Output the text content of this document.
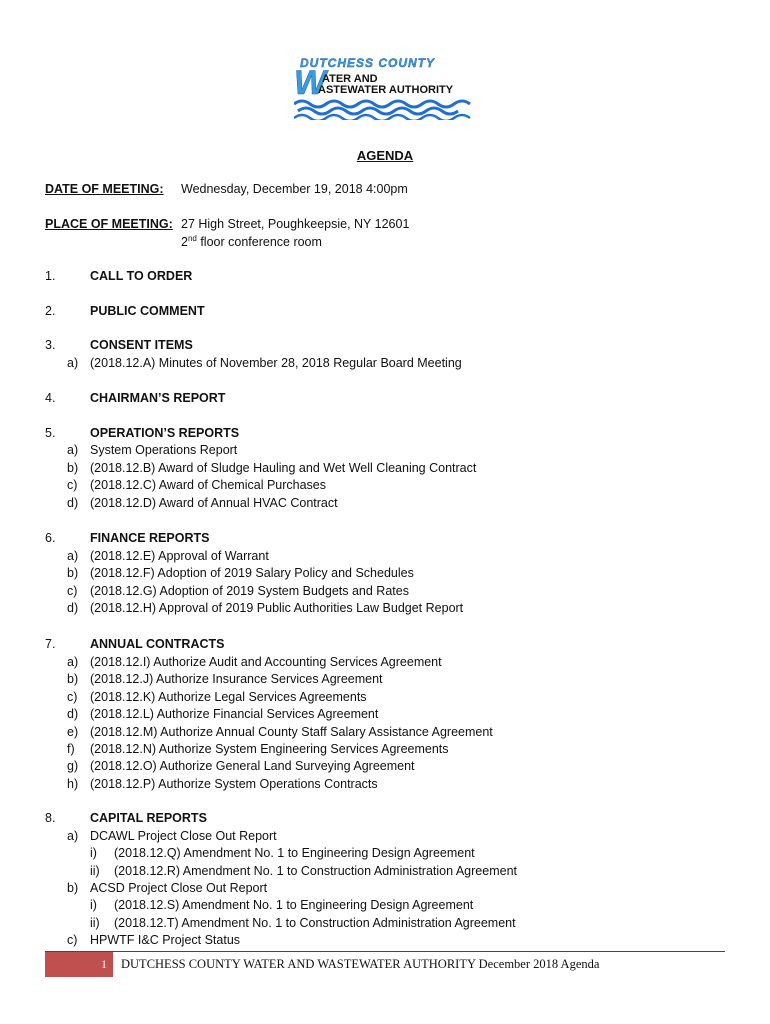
DUTCHESS COUNTY
W
ATER AND
ASTEWATER AUTHORITY
AGENDA
DATE OF MEETING: Wednesday, December 19, 2018 4:00pm
PLACE OF MEETING: 27 High Street, Poughkeepsie, NY 12601
2nd floor conference room
1.	CALL TO ORDER
2.	PUBLIC COMMENT
3.	CONSENT ITEMS
a) (2018.12.A) Minutes of November 28, 2018 Regular Board Meeting
4.	CHAIRMAN’S REPORT
5.	OPERATION’S REPORTS
a) System Operations Report
b) (2018.12.B) Award of Sludge Hauling and Wet Well Cleaning Contract
c) (2018.12.C) Award of Chemical Purchases
d) (2018.12.D) Award of Annual HVAC Contract
6.	FINANCE REPORTS
a) (2018.12.E) Approval of Warrant
b) (2018.12.F) Adoption of 2019 Salary Policy and Schedules
c) (2018.12.G) Adoption of 2019 System Budgets and Rates
d) (2018.12.H) Approval of 2019 Public Authorities Law Budget Report
7.	ANNUAL CONTRACTS
a) (2018.12.I) Authorize Audit and Accounting Services Agreement
b) (2018.12.J) Authorize Insurance Services Agreement
c) (2018.12.K) Authorize Legal Services Agreements
d) (2018.12.L) Authorize Financial Services Agreement
e) (2018.12.M) Authorize Annual County Staff Salary Assistance Agreement
f) (2018.12.N) Authorize System Engineering Services Agreements
g) (2018.12.O) Authorize General Land Surveying Agreement
h) (2018.12.P) Authorize System Operations Contracts
8.	CAPITAL REPORTS
a) DCAWL Project Close Out Report
i) (2018.12.Q) Amendment No. 1 to Engineering Design Agreement
ii) (2018.12.R) Amendment No. 1 to Construction Administration Agreement
b) ACSD Project Close Out Report
i) (2018.12.S) Amendment No. 1 to Engineering Design Agreement
ii) (2018.12.T) Amendment No. 1 to Construction Administration Agreement
c) HPWTF I&C Project Status
1	DUTCHESS COUNTY WATER AND WASTEWATER AUTHORITY December 2018 Agenda
